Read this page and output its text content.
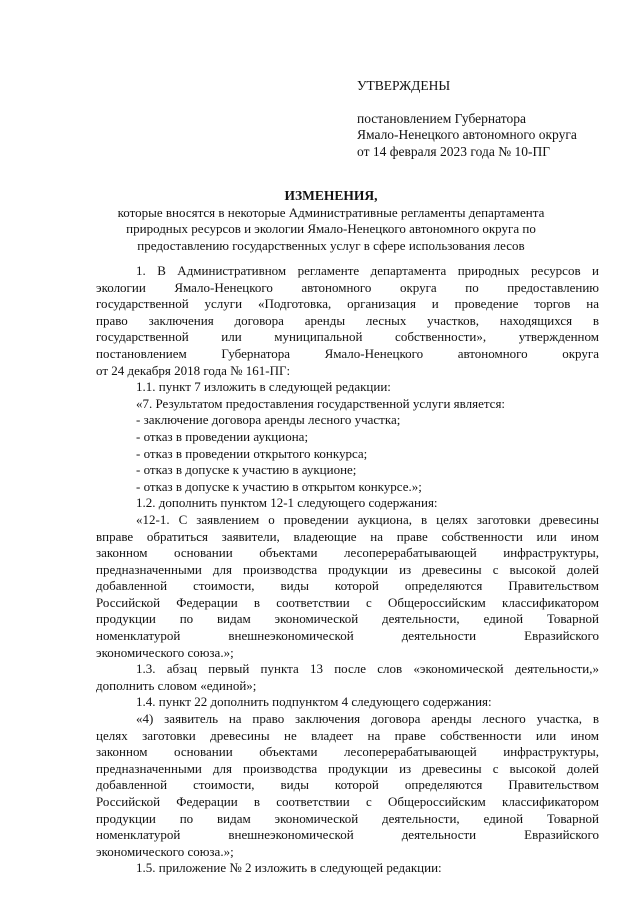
УТВЕРЖДЕНЫ
постановлением Губернатора
Ямало-Ненецкого автономного округа
от 14 февраля 2023 года № 10-ПГ
ИЗМЕНЕНИЯ,
которые вносятся в некоторые Административные регламенты департамента
природных ресурсов и экологии Ямало-Ненецкого автономного округа по
предоставлению государственных услуг в сфере использования лесов
1. В Административном регламенте департамента природных ресурсов и
экологии Ямало-Ненецкого автономного округа по предоставлению
государственной услуги «Подготовка, организация и проведение торгов на
право заключения договора аренды лесных участков, находящихся в
государственной или муниципальной собственности», утвержденном
постановлением Губернатора Ямало-Ненецкого автономного округа
от 24 декабря 2018 года № 161-ПГ:
1.1. пункт 7 изложить в следующей редакции:
«7. Результатом предоставления государственной услуги является:
- заключение договора аренды лесного участка;
- отказ в проведении аукциона;
- отказ в проведении открытого конкурса;
- отказ в допуске к участию в аукционе;
- отказ в допуске к участию в открытом конкурсе.»;
1.2. дополнить пунктом 12-1 следующего содержания:
«12-1. С заявлением о проведении аукциона, в целях заготовки древесины
вправе обратиться заявители, владеющие на праве собственности или ином
законном основании объектами лесоперерабатывающей инфраструктуры,
предназначенными для производства продукции из древесины с высокой долей
добавленной стоимости, виды которой определяются Правительством
Российской Федерации в соответствии с Общероссийским классификатором
продукции по видам экономической деятельности, единой Товарной
номенклатурой внешнеэкономической деятельности Евразийского
экономического союза.»;
1.3. абзац первый пункта 13 после слов «экономической деятельности,»
дополнить словом «единой»;
1.4. пункт 22 дополнить подпунктом 4 следующего содержания:
«4) заявитель на право заключения договора аренды лесного участка, в
целях заготовки древесины не владеет на праве собственности или ином
законном основании объектами лесоперерабатывающей инфраструктуры,
предназначенными для производства продукции из древесины с высокой долей
добавленной стоимости, виды которой определяются Правительством
Российской Федерации в соответствии с Общероссийским классификатором
продукции по видам экономической деятельности, единой Товарной
номенклатурой внешнеэкономической деятельности Евразийского
экономического союза.»;
1.5. приложение № 2 изложить в следующей редакции:
